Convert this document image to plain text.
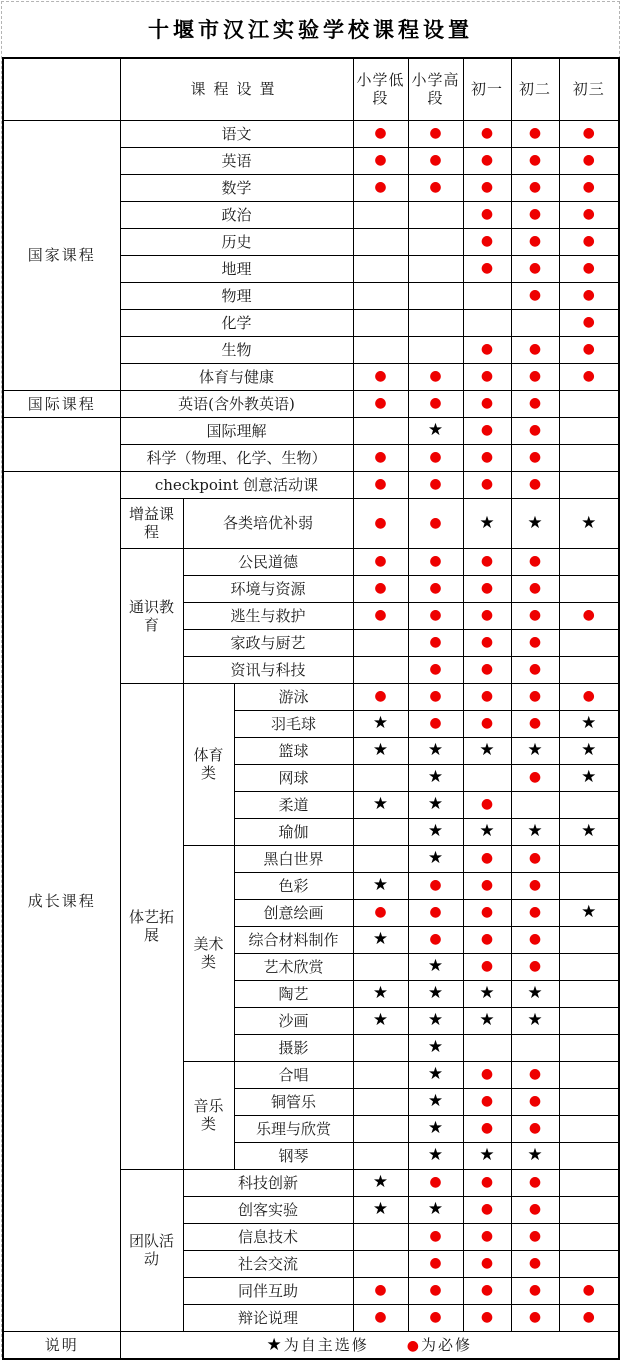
十堰市汉江实验学校课程设置
	课程设置			小学低段	小学高段	初一	初二	初三
国家课程	语文			●	●	●	●	●
	英语			●	●	●	●	●
	数学			●	●	●	●	●
	政治					●	●	●
	历史					●	●	●
	地理					●	●	●
	物理						●	●
	化学							●
	生物					●	●	●
	体育与健康			●	●	●	●	●
国际课程	英语(含外教英语)			●	●	●	●	
	国际理解				★	●	●	
	科学（物理、化学、生物）			●	●	●	●	
成长课程	checkpoint 创意活动课			●	●	●	●	
	增益课程	各类培优补弱		●	●	★	★	★
	通识教育	公民道德		●	●	●	●	
		环境与资源		●	●	●	●	
		逃生与救护		●	●	●	●	●
		家政与厨艺			●	●	●	
		资讯与科技			●	●	●	
	体艺拓展	体育类	游泳	●	●	●	●	●
			羽毛球	★	●	●	●	★
			篮球	★	★	★	★	★
			网球		★		●	★
			柔道	★	★	●		
			瑜伽		★	★	★	★
		美术类	黑白世界		★	●	●	
			色彩	★	●	●	●	
			创意绘画	●	●	●	●	★
			综合材料制作	★	●	●	●	
			艺术欣赏		★	●	●	
			陶艺	★	★	★	★	
			沙画	★	★	★	★	
			摄影		★			
		音乐类	合唱		★	●	●	
			铜管乐		★	●	●	
			乐理与欣赏		★	●	●	
			钢琴		★	★	★	
	团队活动	科技创新		★	●	●	●	
		创客实验		★	★	●	●	
		信息技术			●	●	●	
		社会交流			●	●	●	
		同伴互助		●	●	●	●	●
		辩论说理		●	●	●	●	●
说明	★为自主选修 ●为必修							
